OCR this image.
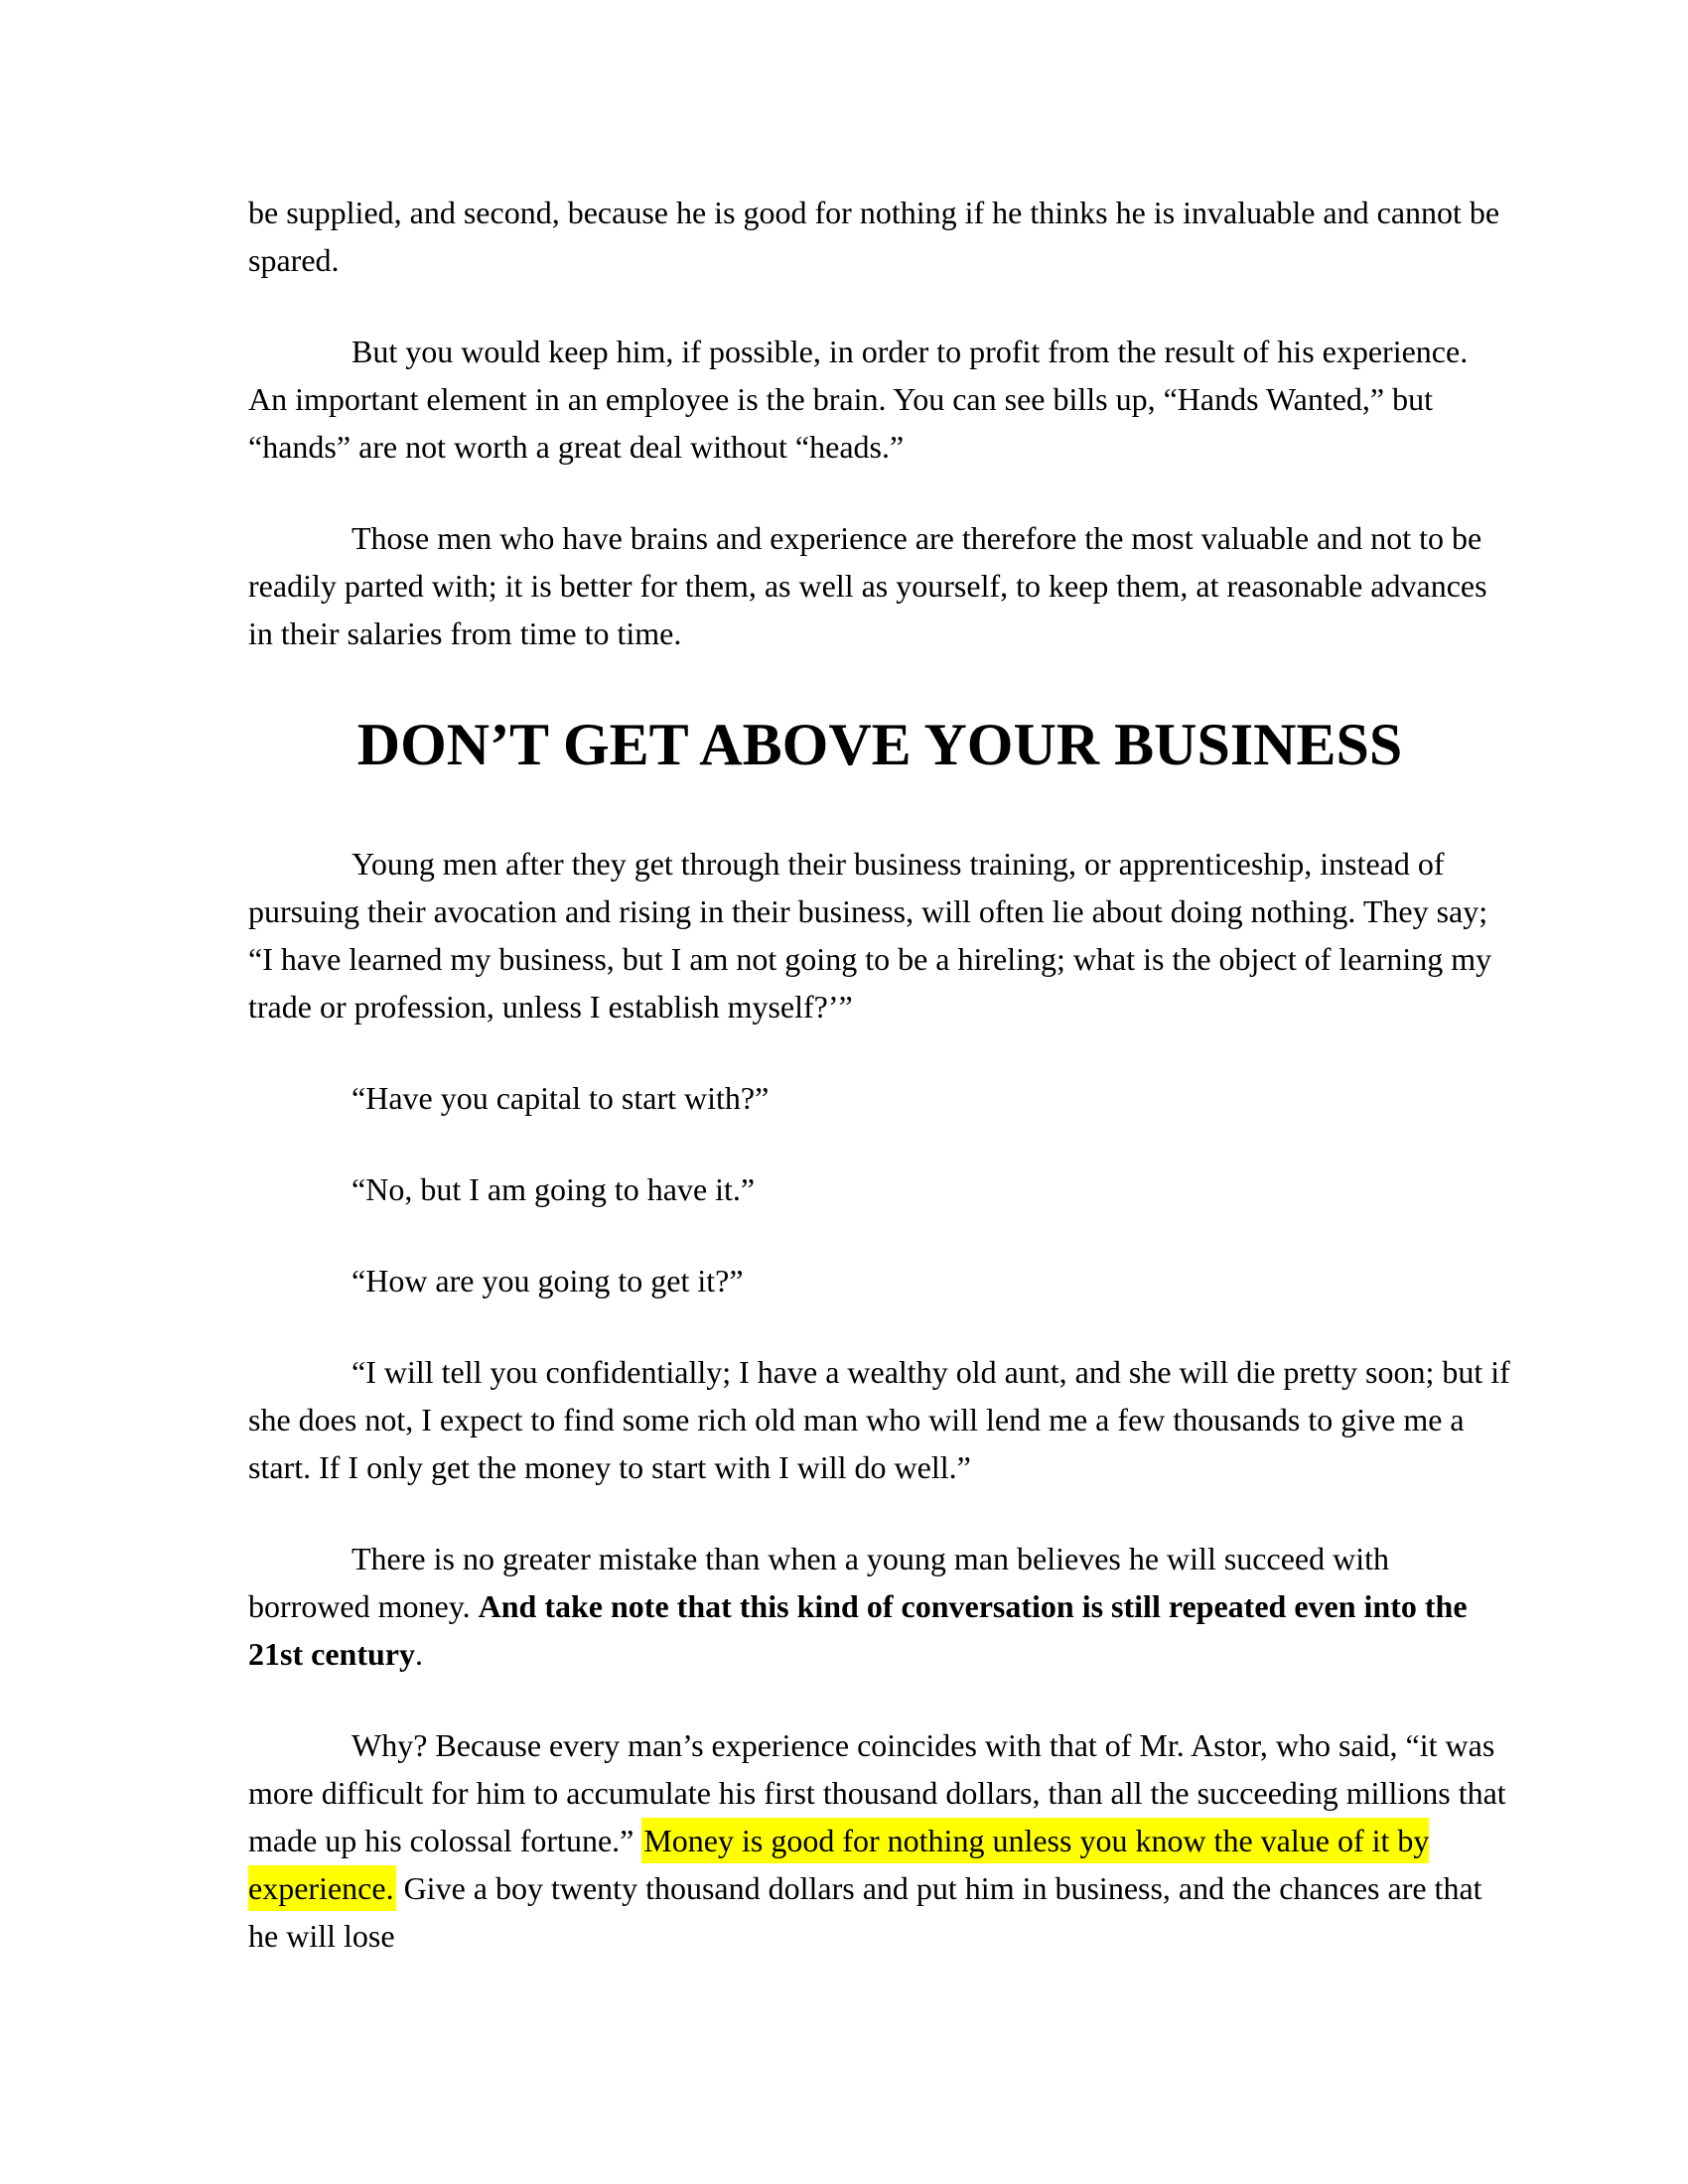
be supplied, and second, because he is good for nothing if he thinks he is invaluable and cannot be spared.

But you would keep him, if possible, in order to profit from the result of his experience. An important element in an employee is the brain. You can see bills up, “Hands Wanted,” but “hands” are not worth a great deal without “heads.”

Those men who have brains and experience are therefore the most valuable and not to be readily parted with; it is better for them, as well as yourself, to keep them, at reasonable advances in their salaries from time to time.

DON’T GET ABOVE YOUR BUSINESS

Young men after they get through their business training, or apprenticeship, instead of pursuing their avocation and rising in their business, will often lie about doing nothing. They say; “I have learned my business, but I am not going to be a hireling; what is the object of learning my trade or profession, unless I establish myself?’”

“Have you capital to start with?”

“No, but I am going to have it.”

“How are you going to get it?”

“I will tell you confidentially; I have a wealthy old aunt, and she will die pretty soon; but if she does not, I expect to find some rich old man who will lend me a few thousands to give me a start. If I only get the money to start with I will do well.”

There is no greater mistake than when a young man believes he will succeed with borrowed money. And take note that this kind of conversation is still repeated even into the 21st century.

Why? Because every man’s experience coincides with that of Mr. Astor, who said, “it was more difficult for him to accumulate his first thousand dollars, than all the succeeding millions that made up his colossal fortune.” Money is good for nothing unless you know the value of it by experience. Give a boy twenty thousand dollars and put him in business, and the chances are that he will lose
